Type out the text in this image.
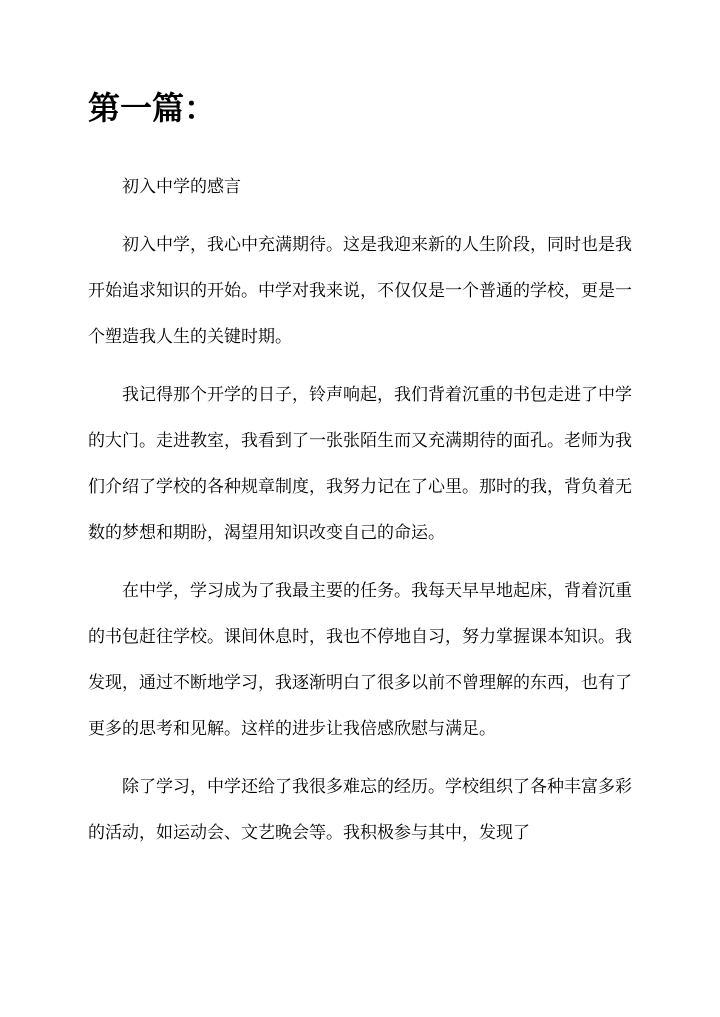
第一篇：

初入中学的感言

初入中学，我心中充满期待。这是我迎来新的人生阶段，同时也是我开始追求知识的开始。中学对我来说，不仅仅是一个普通的学校，更是一个塑造我人生的关键时期。

我记得那个开学的日子，铃声响起，我们背着沉重的书包走进了中学的大门。走进教室，我看到了一张张陌生而又充满期待的面孔。老师为我们介绍了学校的各种规章制度，我努力记在了心里。那时的我，背负着无数的梦想和期盼，渴望用知识改变自己的命运。

在中学，学习成为了我最主要的任务。我每天早早地起床，背着沉重的书包赶往学校。课间休息时，我也不停地自习，努力掌握课本知识。我发现，通过不断地学习，我逐渐明白了很多以前不曾理解的东西，也有了更多的思考和见解。这样的进步让我倍感欣慰与满足。

除了学习，中学还给了我很多难忘的经历。学校组织了各种丰富多彩的活动，如运动会、文艺晚会等。我积极参与其中，发现了
